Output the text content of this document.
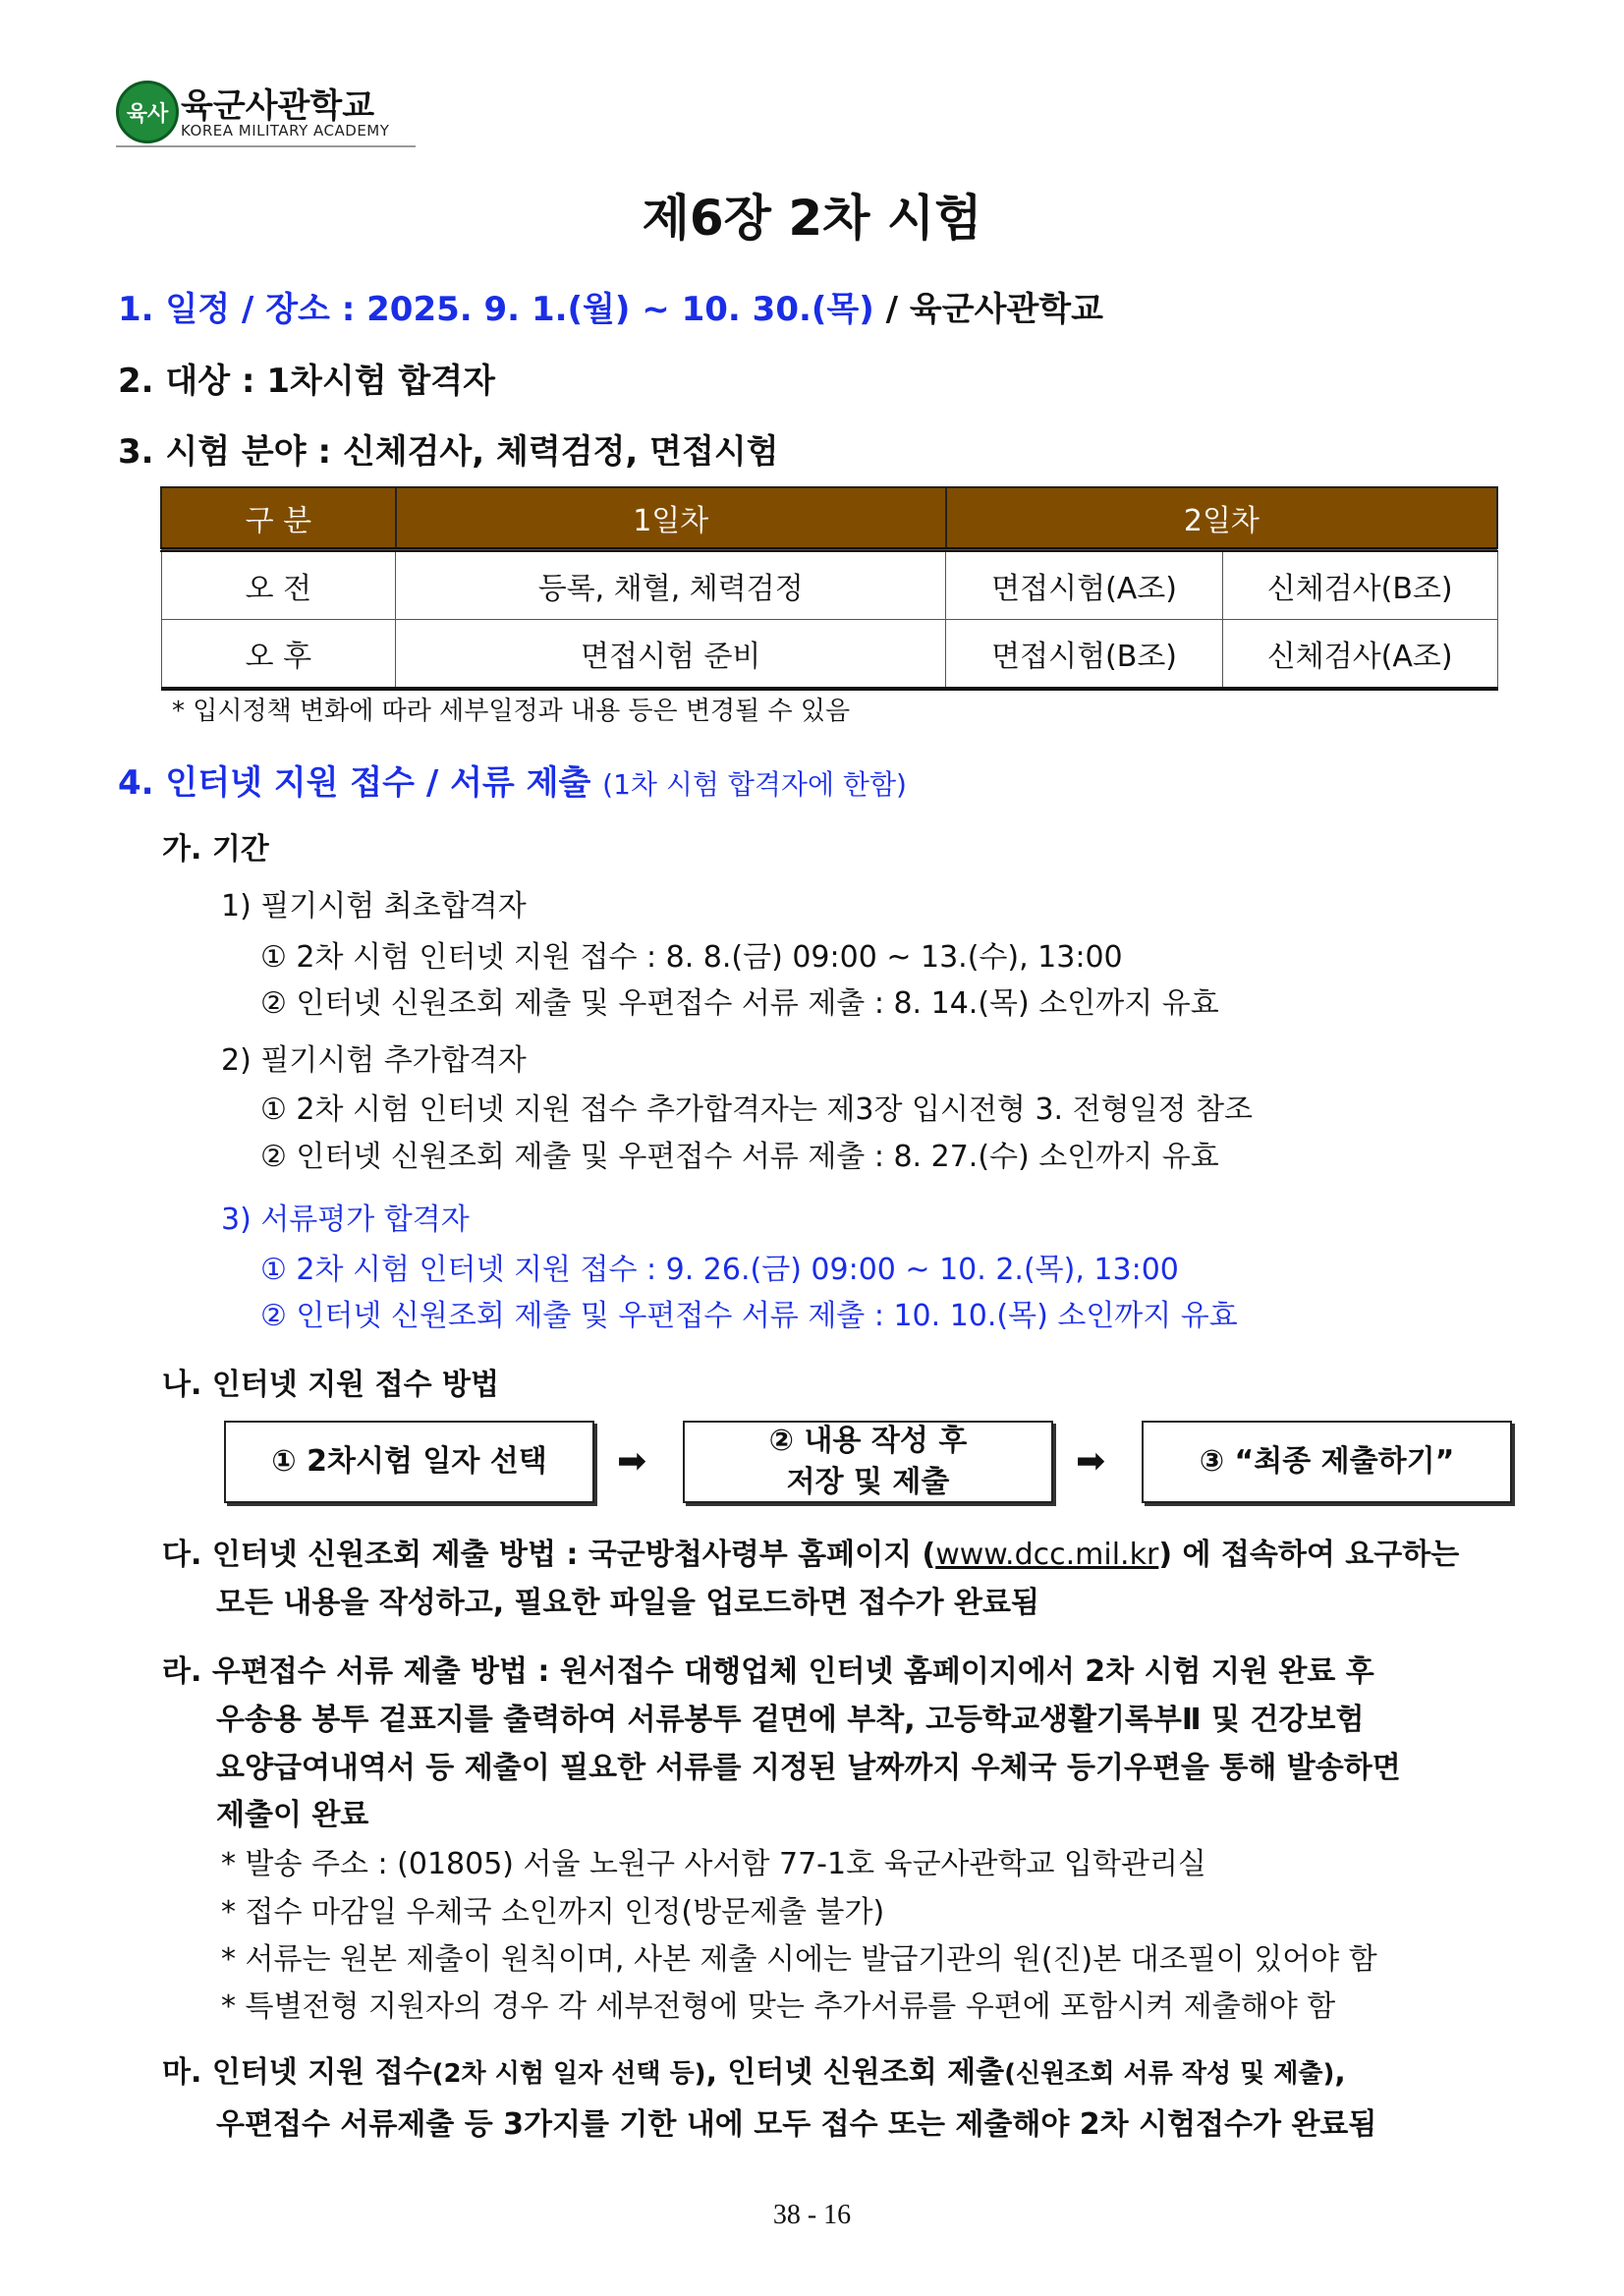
육사 육군사관학교
KOREA MILITARY ACADEMY
제6장 2차 시험
1. 일정 / 장소 : 2025. 9. 1.(월) ~ 10. 30.(목) / 육군사관학교
2. 대상 : 1차시험 합격자
3. 시험 분야 : 신체검사, 체력검정, 면접시험
구 분	1일차	2일차	
오 전	등록, 채혈, 체력검정	면접시험(A조)	신체검사(B조)
오 후	면접시험 준비	면접시험(B조)	신체검사(A조)
* 입시정책 변화에 따라 세부일정과 내용 등은 변경될 수 있음
4. 인터넷 지원 접수 / 서류 제출 (1차 시험 합격자에 한함)
가. 기간
1) 필기시험 최초합격자
① 2차 시험 인터넷 지원 접수 : 8. 8.(금) 09:00 ~ 13.(수), 13:00
② 인터넷 신원조회 제출 및 우편접수 서류 제출 : 8. 14.(목) 소인까지 유효
2) 필기시험 추가합격자
① 2차 시험 인터넷 지원 접수 추가합격자는 제3장 입시전형 3. 전형일정 참조
② 인터넷 신원조회 제출 및 우편접수 서류 제출 : 8. 27.(수) 소인까지 유효
3) 서류평가 합격자
① 2차 시험 인터넷 지원 접수 : 9. 26.(금) 09:00 ~ 10. 2.(목), 13:00
② 인터넷 신원조회 제출 및 우편접수 서류 제출 : 10. 10.(목) 소인까지 유효
나. 인터넷 지원 접수 방법
① 2차시험 일자 선택	➡
② 내용 작성 후
저장 및 제출
➡	③ “최종 제출하기”
다. 인터넷 신원조회 제출 방법 : 국군방첩사령부 홈페이지 (www.dcc.mil.kr) 에 접속하여 요구하는
모든 내용을 작성하고, 필요한 파일을 업로드하면 접수가 완료됨
라. 우편접수 서류 제출 방법 : 원서접수 대행업체 인터넷 홈페이지에서 2차 시험 지원 완료 후
우송용 봉투 겉표지를 출력하여 서류봉투 겉면에 부착, 고등학교생활기록부Ⅱ 및 건강보험
요양급여내역서 등 제출이 필요한 서류를 지정된 날짜까지 우체국 등기우편을 통해 발송하면
제출이 완료
* 발송 주소 : (01805) 서울 노원구 사서함 77-1호 육군사관학교 입학관리실
* 접수 마감일 우체국 소인까지 인정(방문제출 불가)
* 서류는 원본 제출이 원칙이며, 사본 제출 시에는 발급기관의 원(진)본 대조필이 있어야 함
* 특별전형 지원자의 경우 각 세부전형에 맞는 추가서류를 우편에 포함시켜 제출해야 함
마. 인터넷 지원 접수(2차 시험 일자 선택 등), 인터넷 신원조회 제출(신원조회 서류 작성 및 제출),
우편접수 서류제출 등 3가지를 기한 내에 모두 접수 또는 제출해야 2차 시험접수가 완료됨
38 - 16
